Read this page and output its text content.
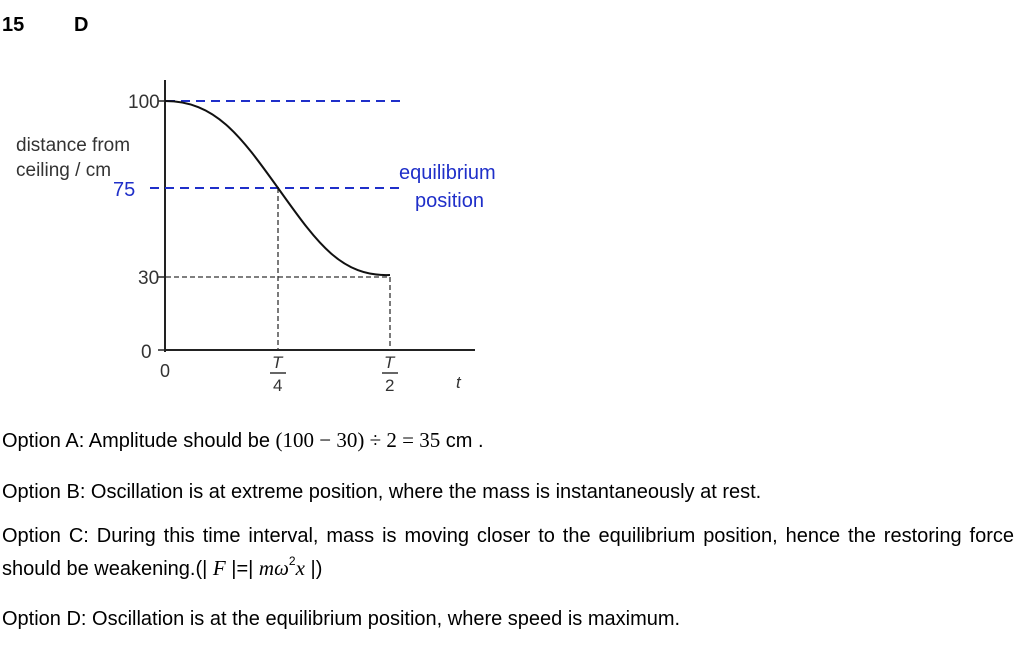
15 D
distance from
ceiling / cm
100
75
30
0
0	T
4
T
2	t
equilibrium
position
Option A: Amplitude should be (100 − 30) ÷ 2 = 35 cm .
Option B: Oscillation is at extreme position, where the mass is instantaneously at rest.
Option C: During this time interval, mass is moving closer to the equilibrium position, hence the restoring force should be weakening.(| F |=| $m\omega^2x$ |)
Option D: Oscillation is at the equilibrium position, where speed is maximum.
